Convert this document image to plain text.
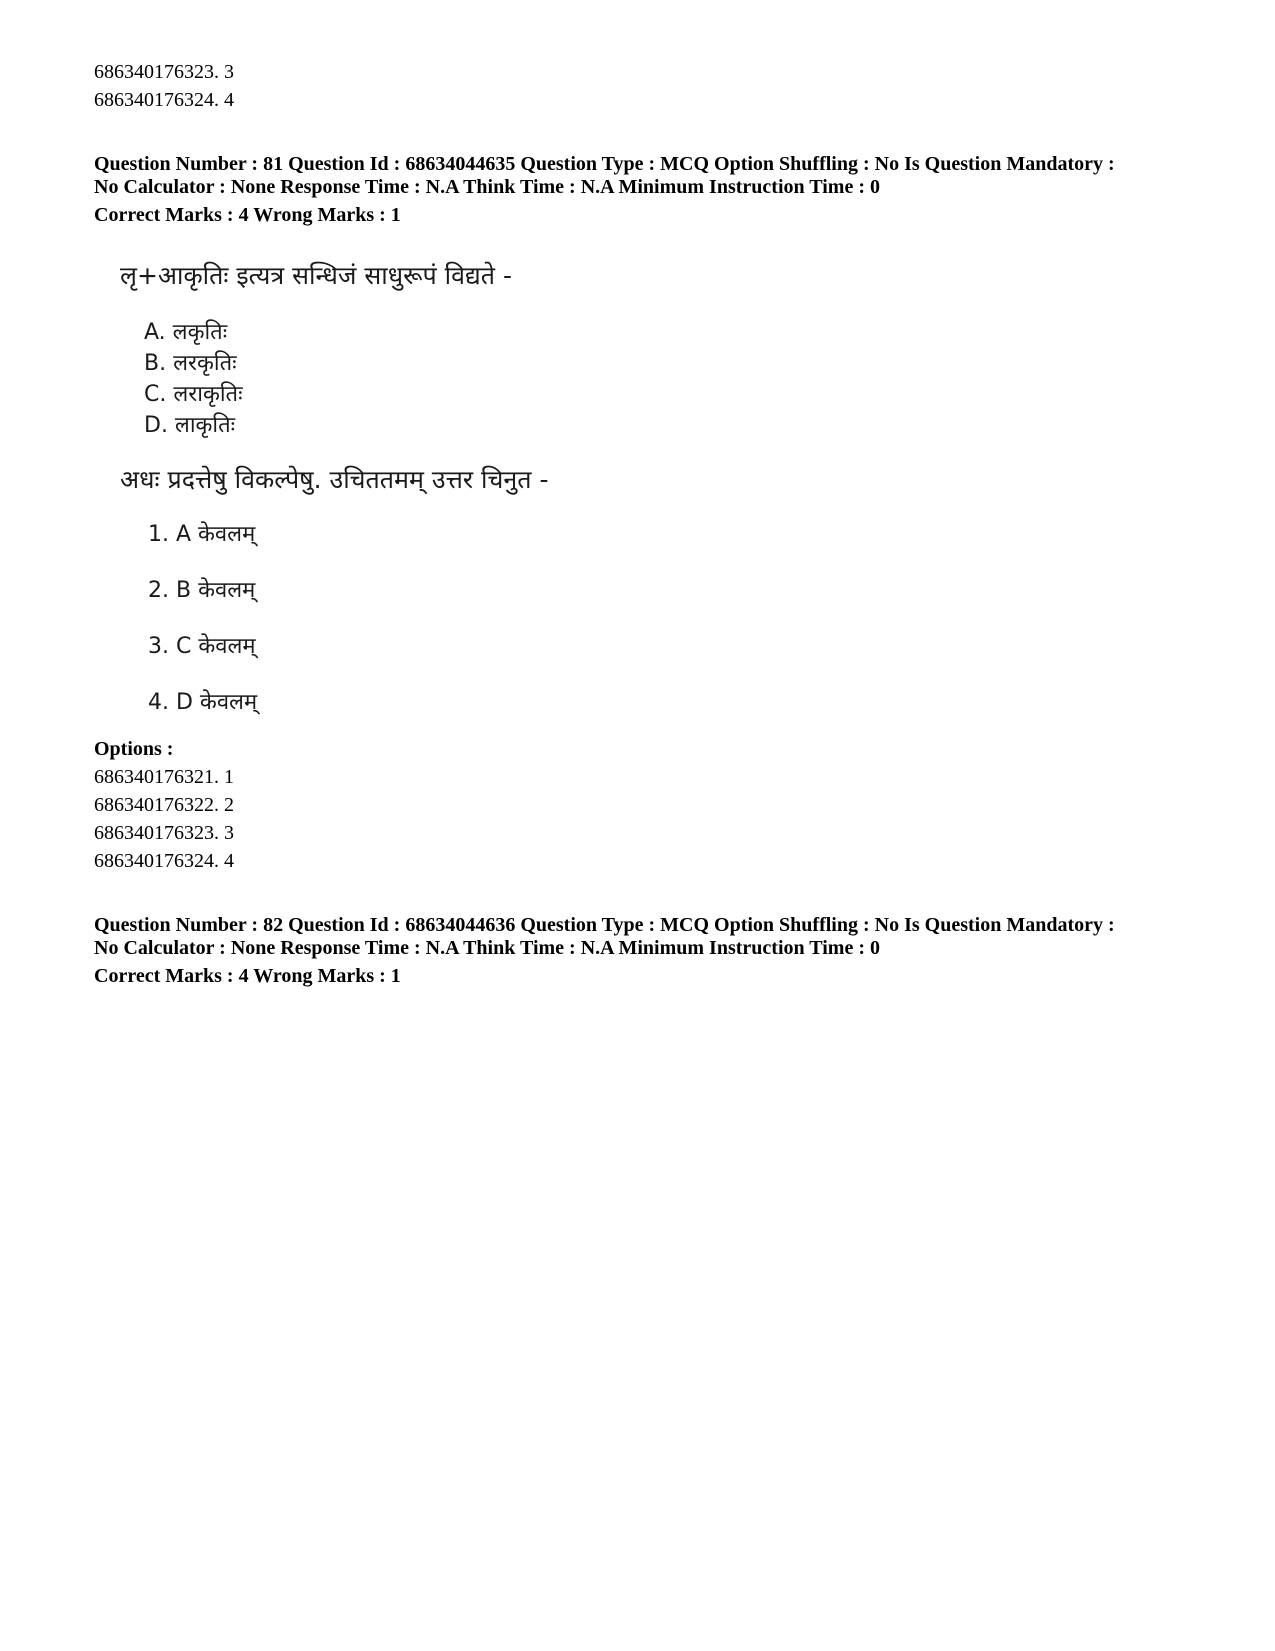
686340176323. 3
686340176324. 4
Question Number : 81 Question Id : 68634044635 Question Type : MCQ Option Shuffling : No Is Question Mandatory :
No Calculator : None Response Time : N.A Think Time : N.A Minimum Instruction Time : 0
Correct Marks : 4 Wrong Marks : 1
लृ+आकृतिः इत्यत्र सन्धिजं साधुरूपं विद्यते -
A. लकृतिः
B. लरकृतिः
C. लराकृतिः
D. लाकृतिः
अधः प्रदत्तेषु विकल्पेषु. उचिततमम् उत्तर चिनुत -
1. A केवलम्
2. B केवलम्
3. C केवलम्
4. D केवलम्
Options :
686340176321. 1
686340176322. 2
686340176323. 3
686340176324. 4
Question Number : 82 Question Id : 68634044636 Question Type : MCQ Option Shuffling : No Is Question Mandatory :
No Calculator : None Response Time : N.A Think Time : N.A Minimum Instruction Time : 0
Correct Marks : 4 Wrong Marks : 1
